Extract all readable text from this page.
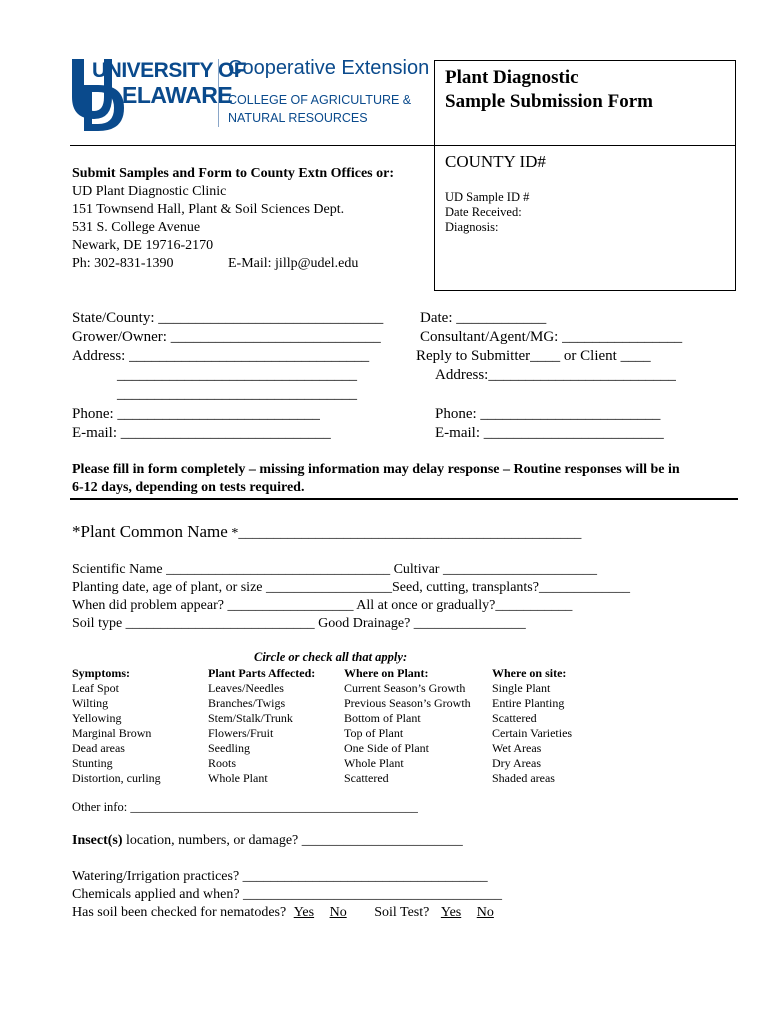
UNIVERSITY OF
ELAWARE
Cooperative Extension
COLLEGE OF AGRICULTURE &
NATURAL RESOURCES
Plant Diagnostic
Sample Submission Form
COUNTY ID#
UD Sample ID #
Date Received:
Diagnosis:
Submit Samples and Form to County Extn Offices or:
UD Plant Diagnostic Clinic
151 Townsend Hall, Plant & Soil Sciences Dept.
531 S. College Avenue
Newark, DE 19716-2170
Ph: 302-831-1390	E-Mail: jillp@udel.edu
State/County: ______________________________
Grower/Owner: ____________________________
Address: ________________________________
________________________________
________________________________
Phone: ___________________________
E-mail: ____________________________
Date: ____________
Consultant/Agent/MG: ________________
Reply to Submitter____ or Client ____
Address:_________________________
Phone: ________________________
E-mail: ________________________
Please fill in form completely – missing information may delay response – Routine responses will be in
6-12 days, depending on tests required.
*Plant Common Name *_________________________________________________
Scientific Name ________________________________ Cultivar ______________________
Planting date, age of plant, or size __________________Seed, cutting, transplants?_____________
When did problem appear? __________________ All at once or gradually?___________
Soil type ___________________________ Good Drainage? ________________
Circle or check all that apply:
Symptoms:
Leaf Spot
Wilting
Yellowing
Marginal Brown
Dead areas
Stunting
Distortion, curling
Plant Parts Affected:
Leaves/Needles
Branches/Twigs
Stem/Stalk/Trunk
Flowers/Fruit
Seedling
Roots
Whole Plant
Where on Plant:
Current Season’s Growth
Previous Season’s Growth
Bottom of Plant
Top of Plant
One Side of Plant
Whole Plant
Scattered
Where on site:
Single Plant
Entire Planting
Scattered
Certain Varieties
Wet Areas
Dry Areas
Shaded areas
Other info: ______________________________________________
Insect(s) location, numbers, or damage? _______________________
Watering/Irrigation practices? ___________________________________
Chemicals applied and when? _____________________________________
Has soil been checked for nematodes? Yes No Soil Test? Yes No
